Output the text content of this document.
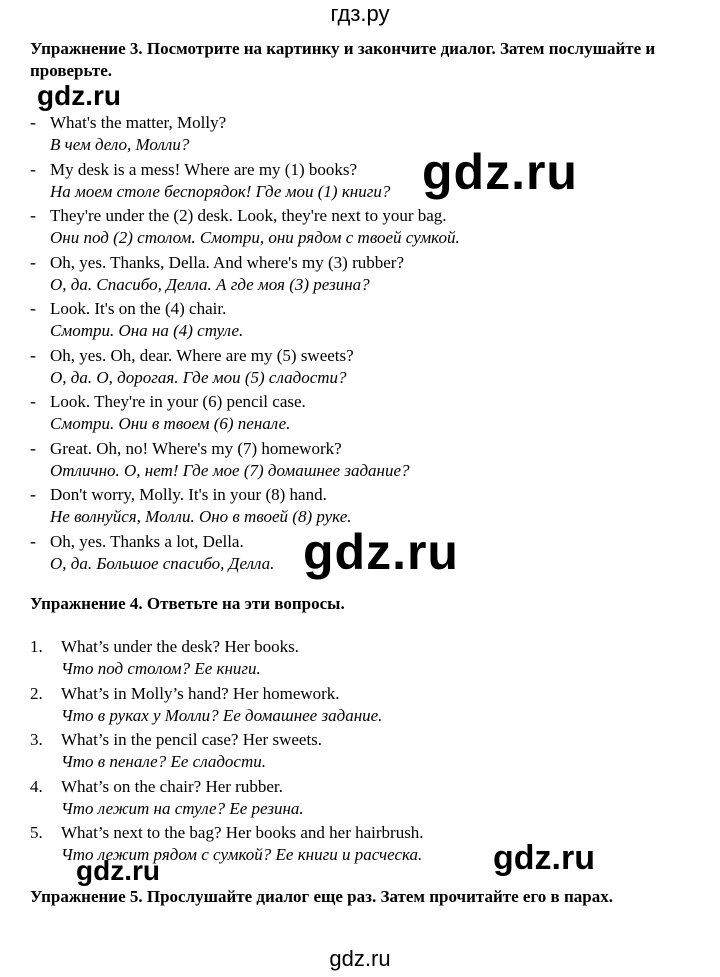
гдз.ру
Упражнение 3. Посмотрите на картинку и закончите диалог. Затем послушайте и проверьте.
- What's the matter, Molly?
В чем дело, Молли?
- My desk is a mess! Where are my (1) books?
На моем столе беспорядок! Где мои (1) книги?
- They're under the (2) desk. Look, they're next to your bag.
Они под (2) столом. Смотри, они рядом с твоей сумкой.
- Oh, yes. Thanks, Della. And where's my (3) rubber?
О, да. Спасибо, Делла. А где моя (3) резина?
- Look. It's on the (4) chair.
Смотри. Она на (4) стуле.
- Oh, yes. Oh, dear. Where are my (5) sweets?
О, да. О, дорогая. Где мои (5) сладости?
- Look. They're in your (6) pencil case.
Смотри. Они в твоем (6) пенале.
- Great. Oh, no! Where's my (7) homework?
Отлично. О, нет! Где мое (7) домашнее задание?
- Don't worry, Molly. It's in your (8) hand.
Не волнуйся, Молли. Оно в твоей (8) руке.
- Oh, yes. Thanks a lot, Della.
О, да. Большое спасибо, Делла.
Упражнение 4. Ответьте на эти вопросы.
1. What’s under the desk? Her books.
Что под столом? Ее книги.
2. What’s in Molly’s hand? Her homework.
Что в руках у Молли? Ее домашнее задание.
3. What’s in the pencil case? Her sweets.
Что в пенале? Ее сладости.
4. What’s on the chair? Her rubber.
Что лежит на стуле? Ее резина.
5. What’s next to the bag? Her books and her hairbrush.
Что лежит рядом с сумкой? Ее книги и расческа.
Упражнение 5. Прослушайте диалог еще раз. Затем прочитайте его в парах.
gdz.ru
gdz.ru
gdz.ru
gdz.ru
gdz.ru
gdz.ru
